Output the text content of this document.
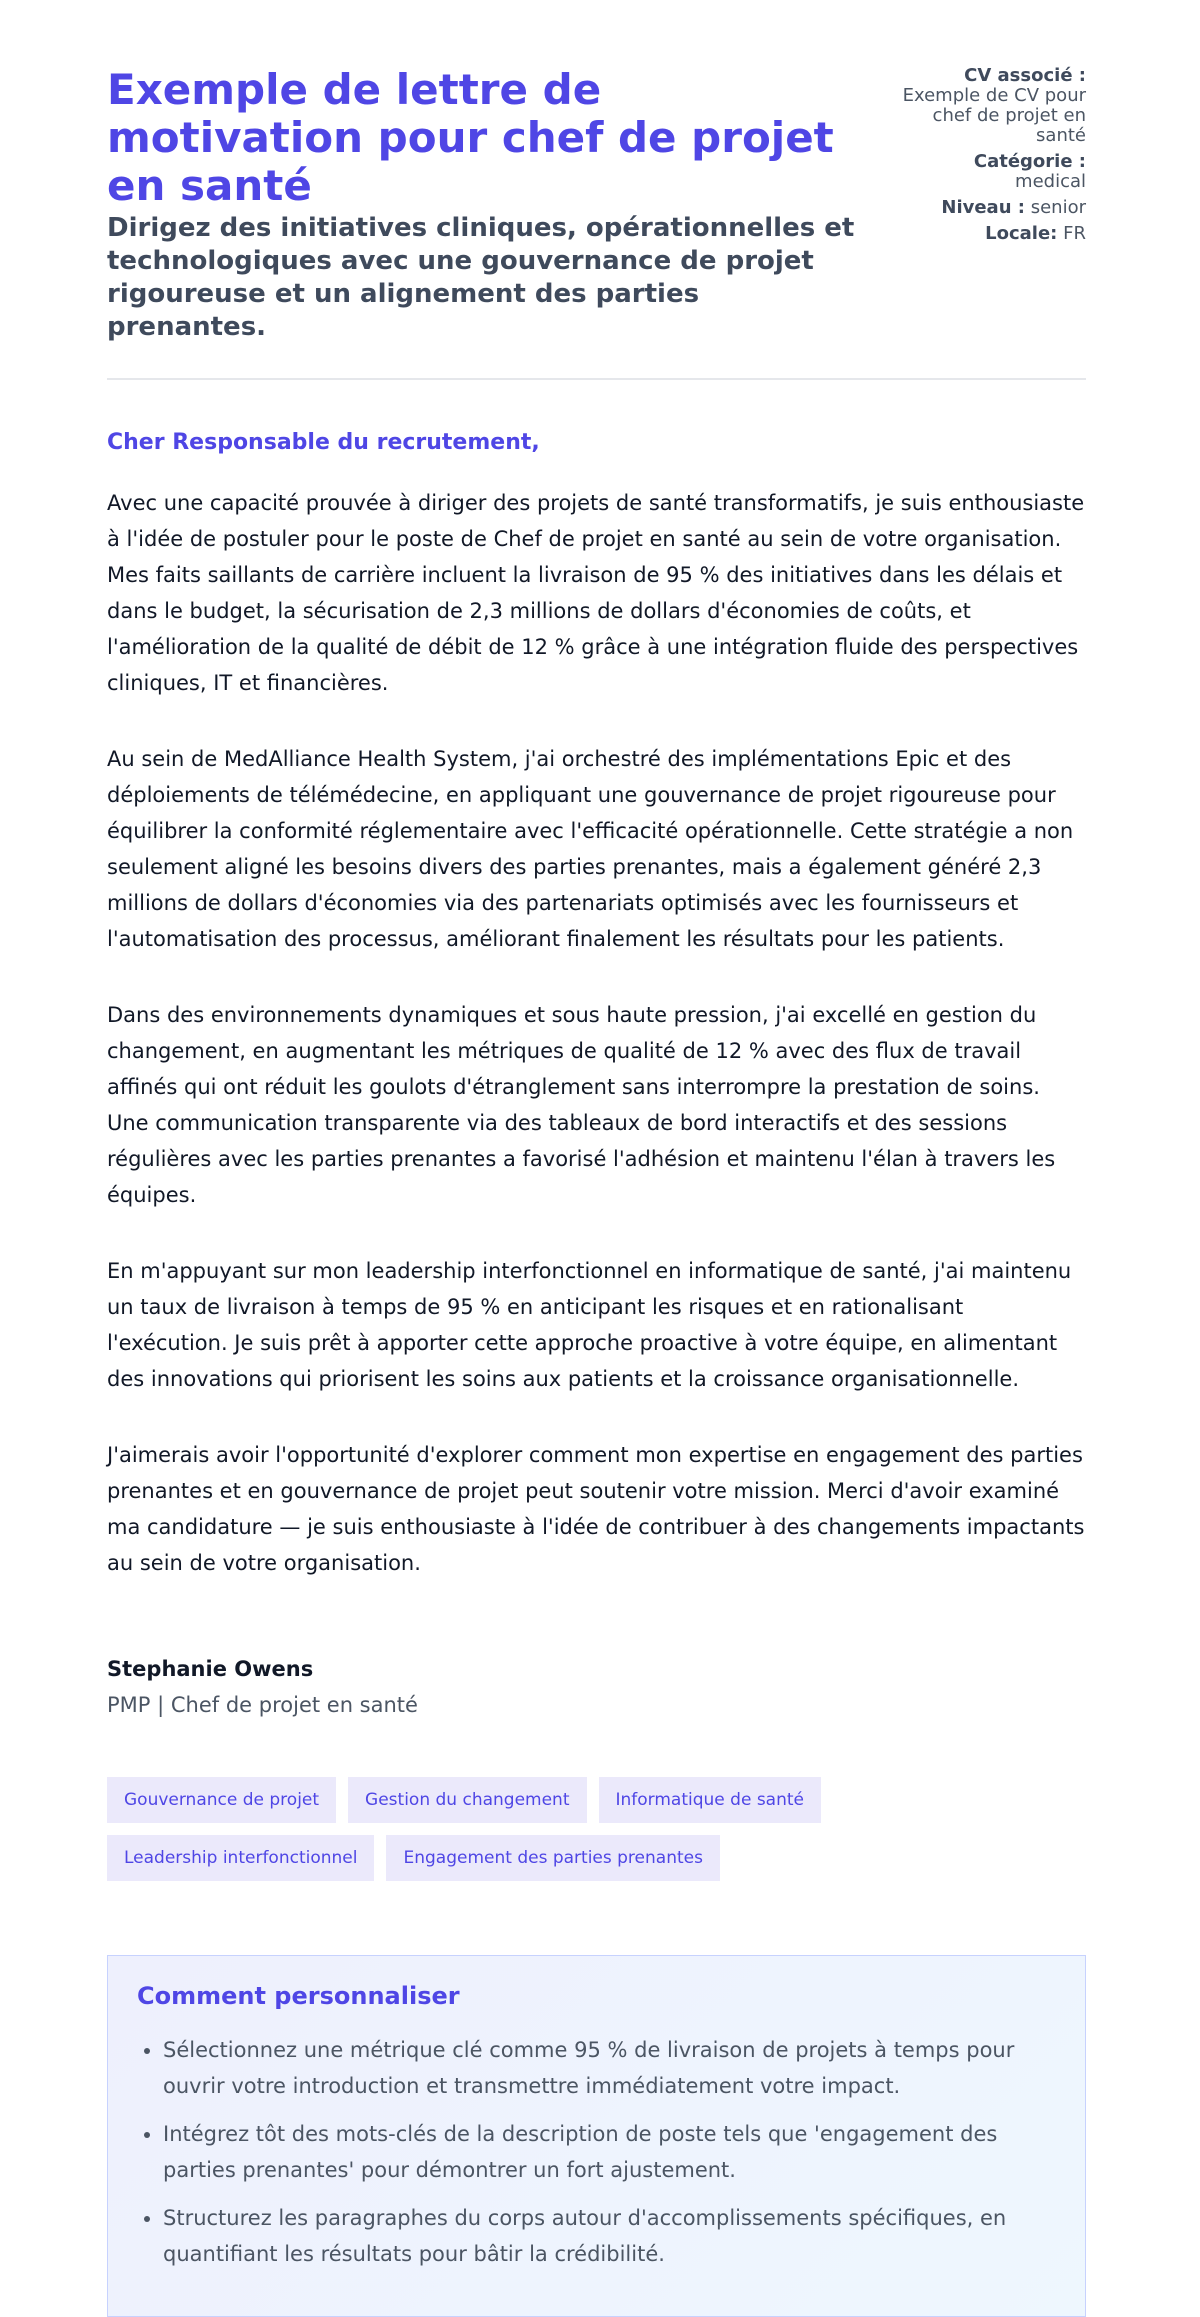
Exemple de lettre de motivation pour chef de projet en santé
Dirigez des initiatives cliniques, opérationnelles et technologiques avec une gouvernance de projet rigoureuse et un alignement des parties prenantes.
CV associé :
Exemple de CV pour chef de projet en santé
Catégorie :
medical
Niveau : senior
Locale: FR
Cher Responsable du recrutement,

Avec une capacité prouvée à diriger des projets de santé transformatifs, je suis enthousiaste à l'idée de postuler pour le poste de Chef de projet en santé au sein de votre organisation. Mes faits saillants de carrière incluent la livraison de 95 % des initiatives dans les délais et dans le budget, la sécurisation de 2,3 millions de dollars d'économies de coûts, et l'amélioration de la qualité de débit de 12 % grâce à une intégration fluide des perspectives cliniques, IT et financières.

Au sein de MedAlliance Health System, j'ai orchestré des implémentations Epic et des déploiements de télémédecine, en appliquant une gouvernance de projet rigoureuse pour équilibrer la conformité réglementaire avec l'efficacité opérationnelle. Cette stratégie a non seulement aligné les besoins divers des parties prenantes, mais a également généré 2,3 millions de dollars d'économies via des partenariats optimisés avec les fournisseurs et l'automatisation des processus, améliorant finalement les résultats pour les patients.

Dans des environnements dynamiques et sous haute pression, j'ai excellé en gestion du changement, en augmentant les métriques de qualité de 12 % avec des flux de travail affinés qui ont réduit les goulots d'étranglement sans interrompre la prestation de soins. Une communication transparente via des tableaux de bord interactifs et des sessions régulières avec les parties prenantes a favorisé l'adhésion et maintenu l'élan à travers les équipes.

En m'appuyant sur mon leadership interfonctionnel en informatique de santé, j'ai maintenu un taux de livraison à temps de 95 % en anticipant les risques et en rationalisant l'exécution. Je suis prêt à apporter cette approche proactive à votre équipe, en alimentant des innovations qui priorisent les soins aux patients et la croissance organisationnelle.

J'aimerais avoir l'opportunité d'explorer comment mon expertise en engagement des parties prenantes et en gouvernance de projet peut soutenir votre mission. Merci d'avoir examiné ma candidature — je suis enthousiaste à l'idée de contribuer à des changements impactants au sein de votre organisation.

Stephanie Owens
PMP | Chef de projet en santé
Gouvernance de projet	Gestion du changement	Informatique de santé
Leadership interfonctionnel	Engagement des parties prenantes
Comment personnaliser
• Sélectionnez une métrique clé comme 95 % de livraison de projets à temps pour ouvrir votre introduction et transmettre immédiatement votre impact.
• Intégrez tôt des mots-clés de la description de poste tels que 'engagement des parties prenantes' pour démontrer un fort ajustement.
• Structurez les paragraphes du corps autour d'accomplissements spécifiques, en quantifiant les résultats pour bâtir la crédibilité.
